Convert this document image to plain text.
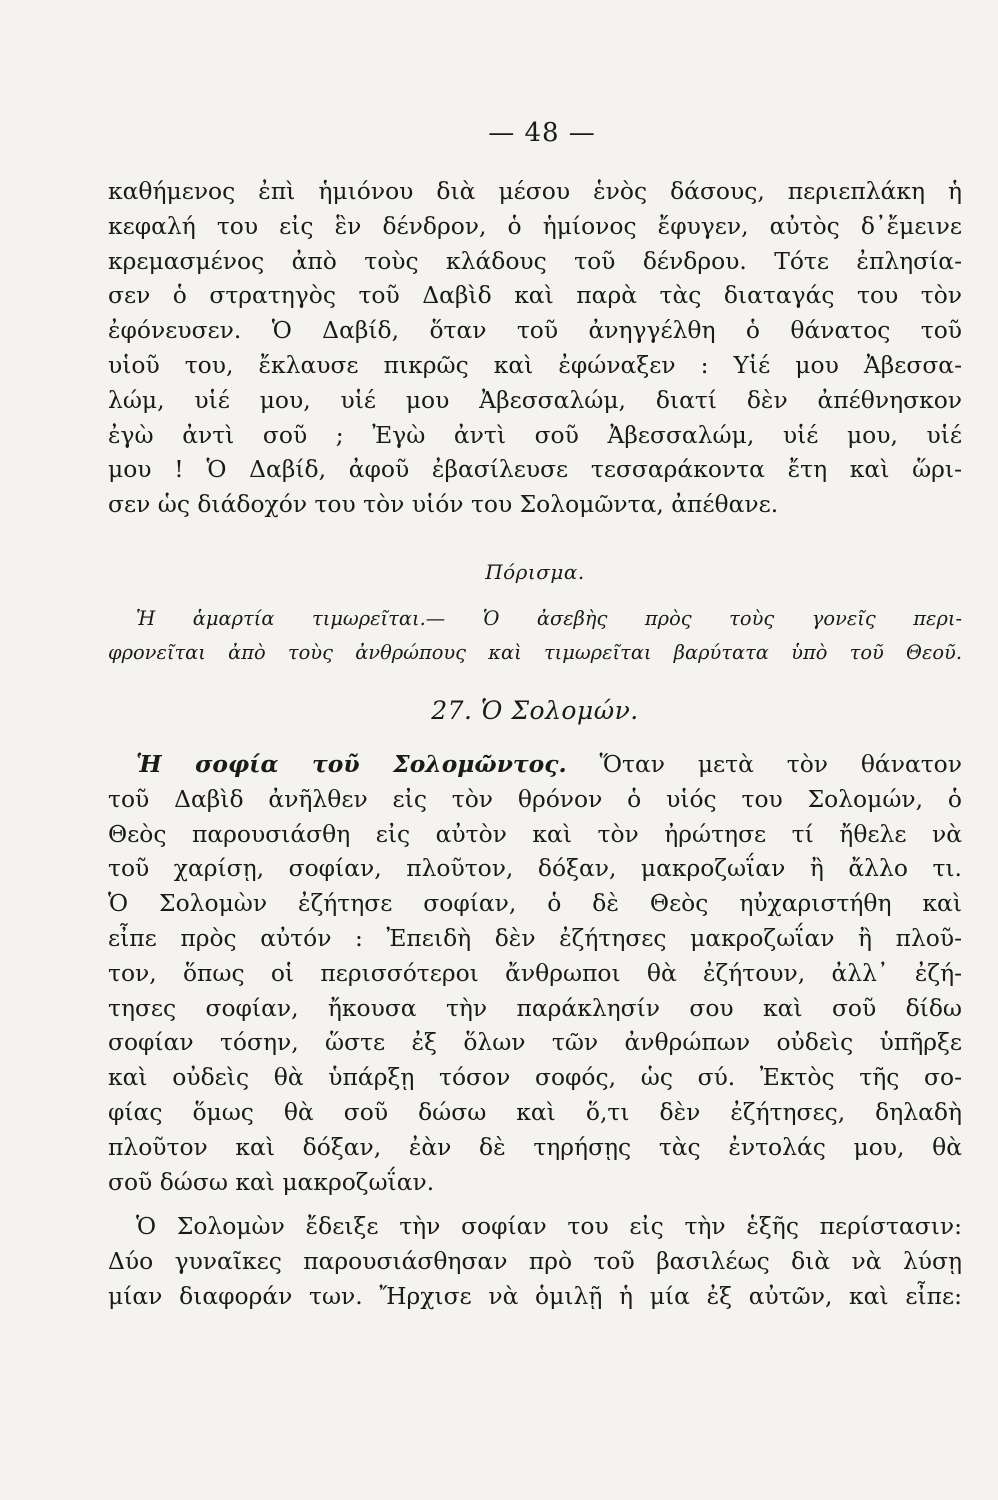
— 48 —

καθήμενος ἐπὶ ἡμιόνου διὰ μέσου ἑνὸς δάσους, περιεπλάκη ἡ
κεφαλή του εἰς ἓν δένδρον, ὁ ἡμίονος ἔφυγεν, αὐτὸς δ᾽ἔμεινε
κρεμασμένος ἀπὸ τοὺς κλάδους τοῦ δένδρου. Τότε ἐπλησία-
σεν ὁ στρατηγὸς τοῦ Δαβὶδ καὶ παρὰ τὰς διαταγάς του τὸν
ἐφόνευσεν. Ὁ Δαβίδ, ὅταν τοῦ ἀνηγγέλθη ὁ θάνατος τοῦ
υἱοῦ του, ἔκλαυσε πικρῶς καὶ ἐφώναξεν : Υἱέ μου Ἀβεσσα-
λώμ, υἱέ μου, υἱέ μου Ἀβεσσαλώμ, διατί δὲν ἀπέθνησκον
ἐγὼ ἀντὶ σοῦ ; Ἐγὼ ἀντὶ σοῦ Ἀβεσσαλώμ, υἱέ μου, υἱέ
μου ! Ὁ Δαβίδ, ἀφοῦ ἐβασίλευσε τεσσαράκοντα ἔτη καὶ ὥρι-
σεν ὡς διάδοχόν του τὸν υἱόν του Σολομῶντα, ἀπέθανε.

Πόρισμα.

Ἡ ἁμαρτία τιμωρεῖται.— Ὁ ἀσεβὴς πρὸς τοὺς γονεῖς περι-
φρονεῖται ἀπὸ τοὺς ἀνθρώπους καὶ τιμωρεῖται βαρύτατα ὑπὸ τοῦ Θεοῦ.

27. Ὁ Σολομών.

Ἡ σοφία τοῦ Σολομῶντος. Ὅταν μετὰ τὸν θάνατον
τοῦ Δαβὶδ ἀνῆλθεν εἰς τὸν θρόνον ὁ υἱός του Σολομών, ὁ
Θεὸς παρουσιάσθη εἰς αὐτὸν καὶ τὸν ἠρώτησε τί ἤθελε νὰ
τοῦ χαρίσῃ, σοφίαν, πλοῦτον, δόξαν, μακροζωΐαν ἢ ἄλλο τι.
Ὁ Σολομὼν ἐζήτησε σοφίαν, ὁ δὲ Θεὸς ηὐχαριστήθη καὶ
εἶπε πρὸς αὐτόν : Ἐπειδὴ δὲν ἐζήτησες μακροζωΐαν ἢ πλοῦ-
τον, ὅπως οἱ περισσότεροι ἄνθρωποι θὰ ἐζήτουν, ἀλλ᾽ ἐζή-
τησες σοφίαν, ἤκουσα τὴν παράκλησίν σου καὶ σοῦ δίδω
σοφίαν τόσην, ὥστε ἐξ ὅλων τῶν ἀνθρώπων οὐδεὶς ὑπῆρξε
καὶ οὐδεὶς θὰ ὑπάρξῃ τόσον σοφός, ὡς σύ. Ἐκτὸς τῆς σο-
φίας ὅμως θὰ σοῦ δώσω καὶ ὅ,τι δὲν ἐζήτησες, δηλαδὴ
πλοῦτον καὶ δόξαν, ἐὰν δὲ τηρήσῃς τὰς ἐντολάς μου, θὰ
σοῦ δώσω καὶ μακροζωΐαν.

Ὁ Σολομὼν ἔδειξε τὴν σοφίαν του εἰς τὴν ἑξῆς περίστασιν:
Δύο γυναῖκες παρουσιάσθησαν πρὸ τοῦ βασιλέως διὰ νὰ λύσῃ
μίαν διαφοράν των. Ἤρχισε νὰ ὁμιλῇ ἡ μία ἐξ αὐτῶν, καὶ εἶπε:
